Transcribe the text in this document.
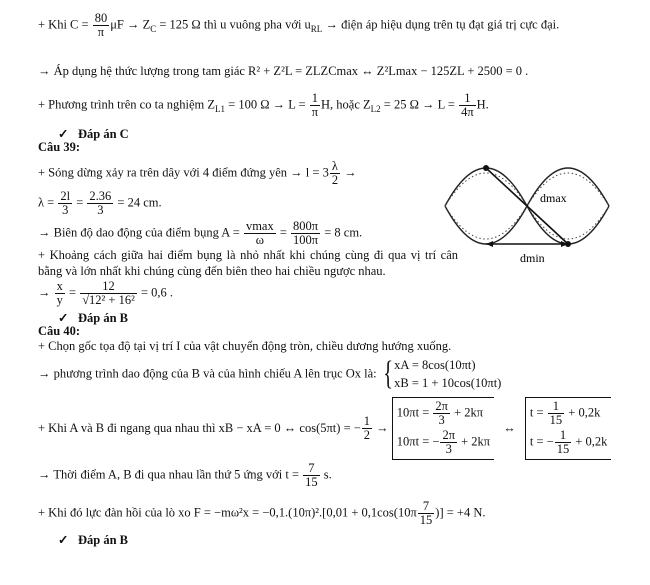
+ Khi $C = \frac{80}{\pi}$ $\mu F \to Z_C = 125$ Ω thì u vuông pha với $u_{RL}$ → điện áp hiệu dụng trên tụ đạt giá trị cực đại.
→ Áp dụng hệ thức lượng trong tam giác R² + Z²L = ZLZCmax ↔ Z²Lmax − 125ZL + 2500 = 0 .
+ Phương trình trên co ta nghiệm $Z_{L1} = 100$ $\Omega \to L = \frac{1}{\pi} H$, hoặc $Z_{L2} = 25$ $\Omega \to L = \frac{1}{4\pi} H$.
✓ Đáp án C
Câu 39:
+ Sóng dừng xảy ra trên dây với 4 điểm đứng yên → $l = 3 \frac{\lambda}{2}$ →
$\lambda = \frac{2l}{3} = \frac{2.36}{3} = 24$ cm.
→ Biên độ dao động của điểm bụng $A = \frac{vmax}{\omega} = \frac{800\pi}{100\pi} = 8$ cm.
+ Khoảng cách giữa hai điểm bụng là nhỏ nhất khi chúng cùng đi qua vị trí cân bằng và lớn nhất khi chúng cùng đến biên theo hai chiều ngược nhau.
→ $\frac{x}{y} = \frac{12}{\text{√12² + 16²}} = 0,6$ .
✓ Đáp án B
Câu 40:
+ Chọn gốc tọa độ tại vị trí I của vật chuyển động tròn, chiều dương hướng xuống.
→ phương trình dao động của B và của hình chiếu A lên trục Ox là: { xA = 8cos(10πt)
xB = 1 + 10cos(10πt)
+ Khi A và B đi ngang qua nhau thì xB − xA = 0 ↔ cos(5πt) = − $\frac{1}{2}$ →
$10\pi t = \frac{2\pi}{3} + 2k\pi$
10πt = − $\frac{2\pi}{3} + 2k\pi$
↔
$t = \frac{1}{15} + 0,2k$
t = − $\frac{1}{15} + 0,2k$
→ Thời điểm A, B đi qua nhau lần thứ 5 ứng với $t = \frac{7}{15} s$.
+ Khi đó lực đàn hồi của lò xo $F = -m\omega^2x = -0,1.(10\pi)^2.[0,01 + 0,1\cos(10\pi \frac{7}{15}$ )] = +4 N.
✓ Đáp án B
dmax
dmin
